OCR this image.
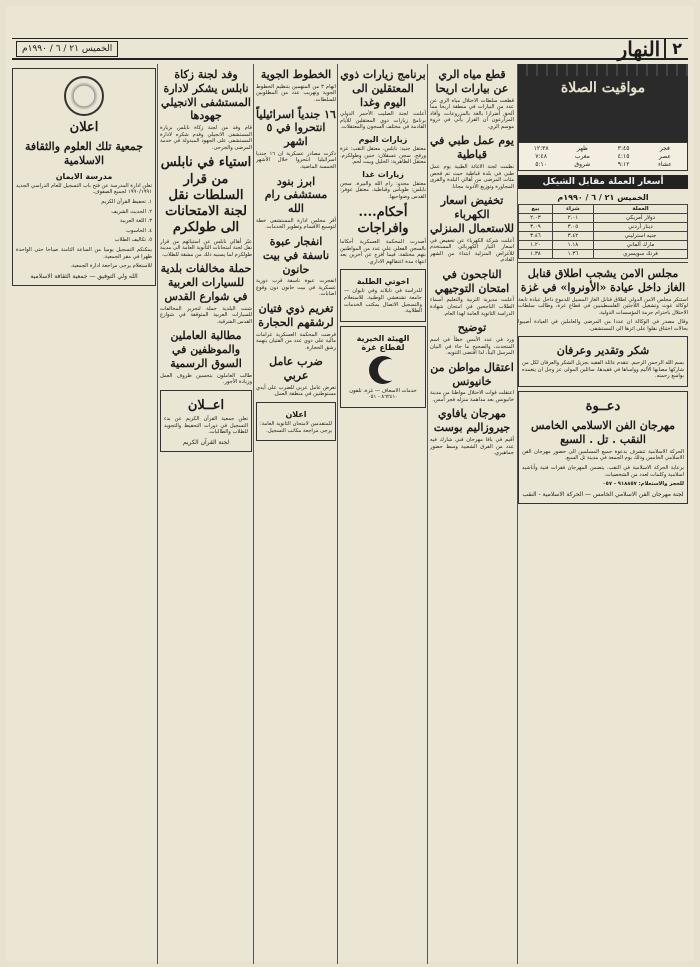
٢
النهار
الخميس ٢١ / ٦ / ١٩٩٠م
مواقيت الصلاة
فجر
٣:٤٥
ظهر
١٢:٣٨
عصر
٤:١٥
مغرب
٧:٤٨
عشاء
٩:١٢
شروق
٥:١٠
أسعار العملة مقابل الشيكل
الخميس ٢١ / ٦ / ١٩٩٠م
العملة	شراء	بيع
دولار أمريكي	٢.٠١	٢.٠٣
دينار أردني	٣.٠٥	٣.٠٩
جنيه استرليني	٣.٤٢	٣.٤٦
مارك ألماني	١.١٨	١.٢٠
فرنك سويسري	١.٣٦	١.٣٨
مجلس الامن يشجب اطلاق قنابل الغاز داخل عيادة «الأونروا» في غزة

استنكر مجلس الامن الدولي اطلاق قنابل الغاز المسيل للدموع داخل عيادة تابعة لوكالة غوث وتشغيل اللاجئين الفلسطينيين في قطاع غزة، وطالب سلطات الاحتلال باحترام حرمة المؤسسات الدولية.

وقال مصدر في الوكالة ان عددا من المرضى والعاملين في العيادة أصيبوا بحالات اختناق نقلوا على اثرها الى المستشفى.

شكر وتقدير وعرفان

بسم الله الرحمن الرحيم. تتقدم عائلة الفقيد بجزيل الشكر والعرفان لكل من شاركها مصابها الأليم وواساها في فقيدها، سائلين المولى عز وجل ان يتغمده بواسع رحمته.

دعــوة
مهرجان الفن الاسلامي الخامس النقب . تل . السبع

الحركة الاسلامية تتشرف بدعوة جميع المسلمين الى حضور مهرجان الفن الاسلامي الخامس وذلك يوم الجمعة في مدينة تل السبع.

برعاية الحركة الاسلامية في النقب. يتضمن المهرجان فقرات فنية وأناشيد اسلامية وكلمات لعدد من الشخصيات.

للحجز والاستعلام: ٩١٨٨٥٧ - ٠٥٧

لجنة مهرجان الفن الاسلامي الخامس — الحركة الاسلامية - النقب
قطع مياه الري عن بيارات اريحا

قطعت سلطات الاحتلال مياه الري عن عدد من البيارات في منطقة اريحا مما ألحق أضرارا بالغة بالمزروعات، وأفاد المزارعون ان القرار يأتي في ذروة موسم الري.

يوم عمل طبي في قباطية

نظمت لجنة الاغاثة الطبية يوم عمل طبي في بلدة قباطية حيث تم فحص مئات المرضى من أهالي البلدة والقرى المجاورة وتوزيع الأدوية مجانا.

تخفيض اسعار الكهرباء للاستعمال المنزلي

أعلنت شركة الكهرباء عن تخفيض في اسعار التيار الكهربائي المستخدم للأغراض المنزلية ابتداء من الشهر القادم.

الناجحون في امتحان التوجيهي

أعلنت مديرية التربية والتعليم أسماء الطلاب الناجحين في امتحان شهادة الدراسة الثانوية العامة لهذا العام.

توضيح

ورد في عدد الأمس خطأ في اسم المتحدث، والصحيح ما جاء في البيان المرسل الينا، لذا اقتضى التنويه.

اعتقال مواطن من خانيونس

اعتقلت قوات الاحتلال مواطنا من مدينة خانيونس بعد مداهمة منزله فجر أمس.

مهرجان يافاوي جيروزاليم بوست

أقيم في يافا مهرجان فني شارك فيه عدد من الفرق الشعبية وسط حضور جماهيري.

برنامج زيارات ذوي المعتقلين الى اليوم وغدا

أعلنت لجنة الصليب الأحمر الدولي برنامج زيارات ذوي المعتقلين للأيام القادمة في مختلف السجون والمعتقلات.

زيارات اليوم

معتقل جنيد: نابلس. معتقل النقب: غزة ورفح. سجن عسقلان: جنين وطولكرم. معتقل الظاهرية: الخليل وبيت لحم.

زيارات غدا

معتقل مجدو: رام الله والبيرة. سجن نابلس: طوباس وقباطية. معتقل عوفر: القدس وضواحيها.

أحكام.... وافراجات

أصدرت المحكمة العسكرية أحكاما بالسجن الفعلي على عدد من المواطنين بتهم مختلفة، فيما أفرج عن آخرين بعد انتهاء مدة اعتقالهم الاداري.

اخوتي الطلبة

للدراسة في تايلاند وفي تايوان — جامعة تشنغشي الوطنية. للاستعلام والتسجيل الاتصال بمكتب الخدمات الطلابية.

الهيئة الخيرية لقطاع غزة

خدمات الاسعاف — غزة، تلفون ٨٦٢٤١٠ - ٠٥١

الخطوط الجوية

اتهام ٣ من المتهمين بتنظيم الخطوط الجوية وتهريب عدد من المطلوبين للسلطات.

١٦ جندياً اسرائيلياً انتحروا في ٥ اشهر

ذكرت مصادر عسكرية ان ١٦ جنديا اسرائيليا انتحروا خلال الأشهر الخمسة الماضية.

ابرز بنود مستشفى رام الله

أقر مجلس ادارة المستشفى خطة لتوسيع الأقسام وتطوير الخدمات.

انفجار عبوة ناسفة في بيت حانون

انفجرت عبوة ناسفة قرب دورية عسكرية في بيت حانون دون وقوع اصابات.

تغريم ذوي فتيان لرشقهم الحجارة

فرضت المحكمة العسكرية غرامات مالية على ذوي عدد من الفتيان بتهمة رشق الحجارة.

ضرب عامل عربي

تعرض عامل عربي للضرب على أيدي مستوطنين في منطقة العمل.

اعلان

للمتقدمين لامتحان الثانوية العامة: يرجى مراجعة مكاتب التسجيل.

وفد لجنة زكاة نابلس يشكر لادارة المستشفى الانجيلي جهودها

قام وفد من لجنة زكاة نابلس بزيارة المستشفى الانجيلي وقدم شكره لادارة المستشفى على الجهود المبذولة في خدمة المرضى والجرحى.

استياء في نابلس من قرار السلطات نقل لجنة الامتحانات الى طولكرم

عبّر أهالي نابلس عن استيائهم من قرار نقل لجنة امتحانات الثانوية العامة الى مدينة طولكرم لما يسببه ذلك من مشقة للطلاب.

حملة مخالفات بلدية للسيارات العربية في شوارع القدس

شنت البلدية حملة لتحرير المخالفات للسيارات العربية المتوقفة في شوارع القدس الشرقية.

مطالبة العاملين والموظفين في السوق الرسمية

طالب العاملون بتحسين ظروف العمل وزيادة الأجور.

اعــلان

تعلن جمعية القرآن الكريم عن بدء التسجيل في دورات التحفيظ والتجويد للطلاب والطالبات.

لجنة القرآن الكريم
اعلان
جمعية تلك العلوم والثقافة الاسلامية
مدرسة الايمان

تعلن ادارة المدرسة عن فتح باب التسجيل للعام الدراسي الجديد ١٩٩٠/١٩٩١ لجميع الصفوف.

١. تحفيظ القرآن الكريم

٢. الحديث الشريف

٣. اللغة العربية

٤. الحاسوب

٥. تكاليف الطلاب

يمكنكم التسجيل يوميا من الساعة الثامنة صباحا حتى الواحدة ظهرا في مقر الجمعية.

للاستعلام يرجى مراجعة ادارة الجمعية.

الله ولي التوفيق — جمعية الثقافة الاسلامية
